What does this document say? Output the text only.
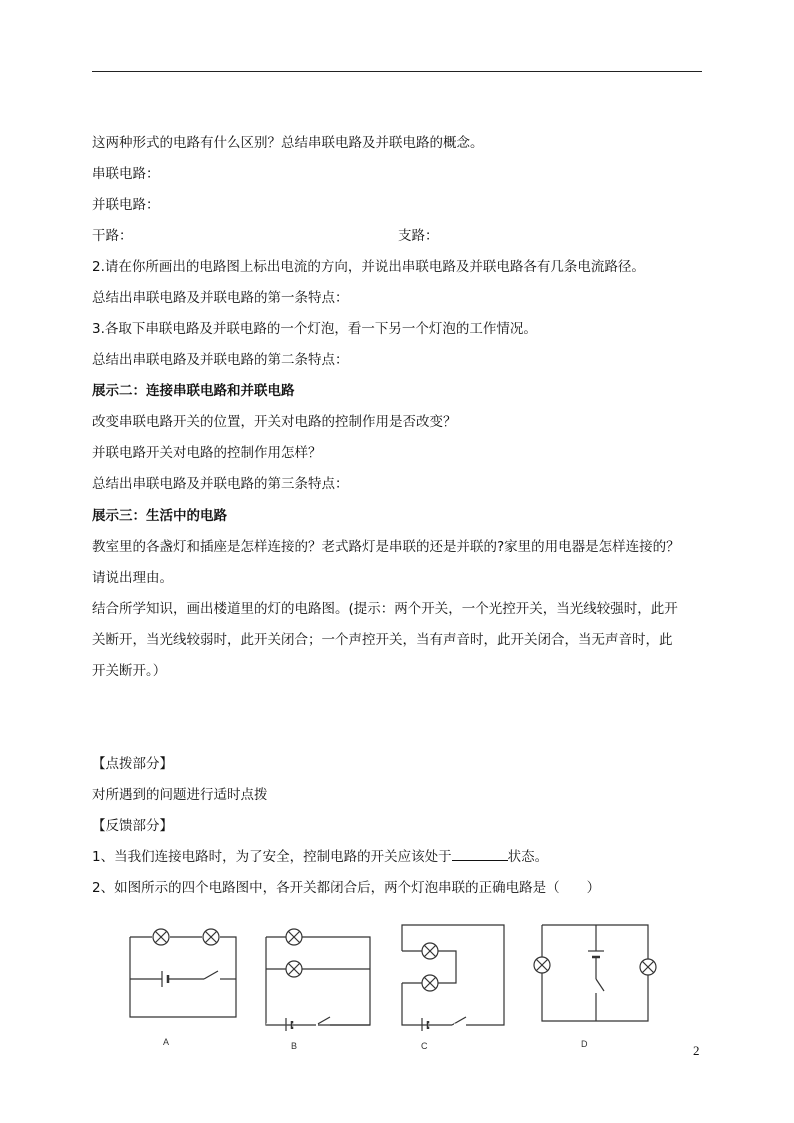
这两种形式的电路有什么区别？总结串联电路及并联电路的概念。
串联电路：
并联电路：
干路：	支路：
2.请在你所画出的电路图上标出电流的方向，并说出串联电路及并联电路各有几条电流路径。
总结出串联电路及并联电路的第一条特点：
3.各取下串联电路及并联电路的一个灯泡，看一下另一个灯泡的工作情况。
总结出串联电路及并联电路的第二条特点：
展示二：连接串联电路和并联电路
改变串联电路开关的位置，开关对电路的控制作用是否改变？
并联电路开关对电路的控制作用怎样？
总结出串联电路及并联电路的第三条特点：
展示三：生活中的电路
教室里的各盏灯和插座是怎样连接的？老式路灯是串联的还是并联的?家里的用电器是怎样连接的？
请说出理由。
结合所学知识，画出楼道里的灯的电路图。(提示：两个开关，一个光控开关，当光线较强时，此开
关断开，当光线较弱时，此开关闭合；一个声控开关，当有声音时，此开关闭合，当无声音时，此
开关断开。）
【点拨部分】
对所遇到的问题进行适时点拨
【反馈部分】
1、当我们连接电路时，为了安全，控制电路的开关应该处于	状态。
2、如图所示的四个电路图中，各开关都闭合后，两个灯泡串联的正确电路是（　　）
A	B	C	D	2
